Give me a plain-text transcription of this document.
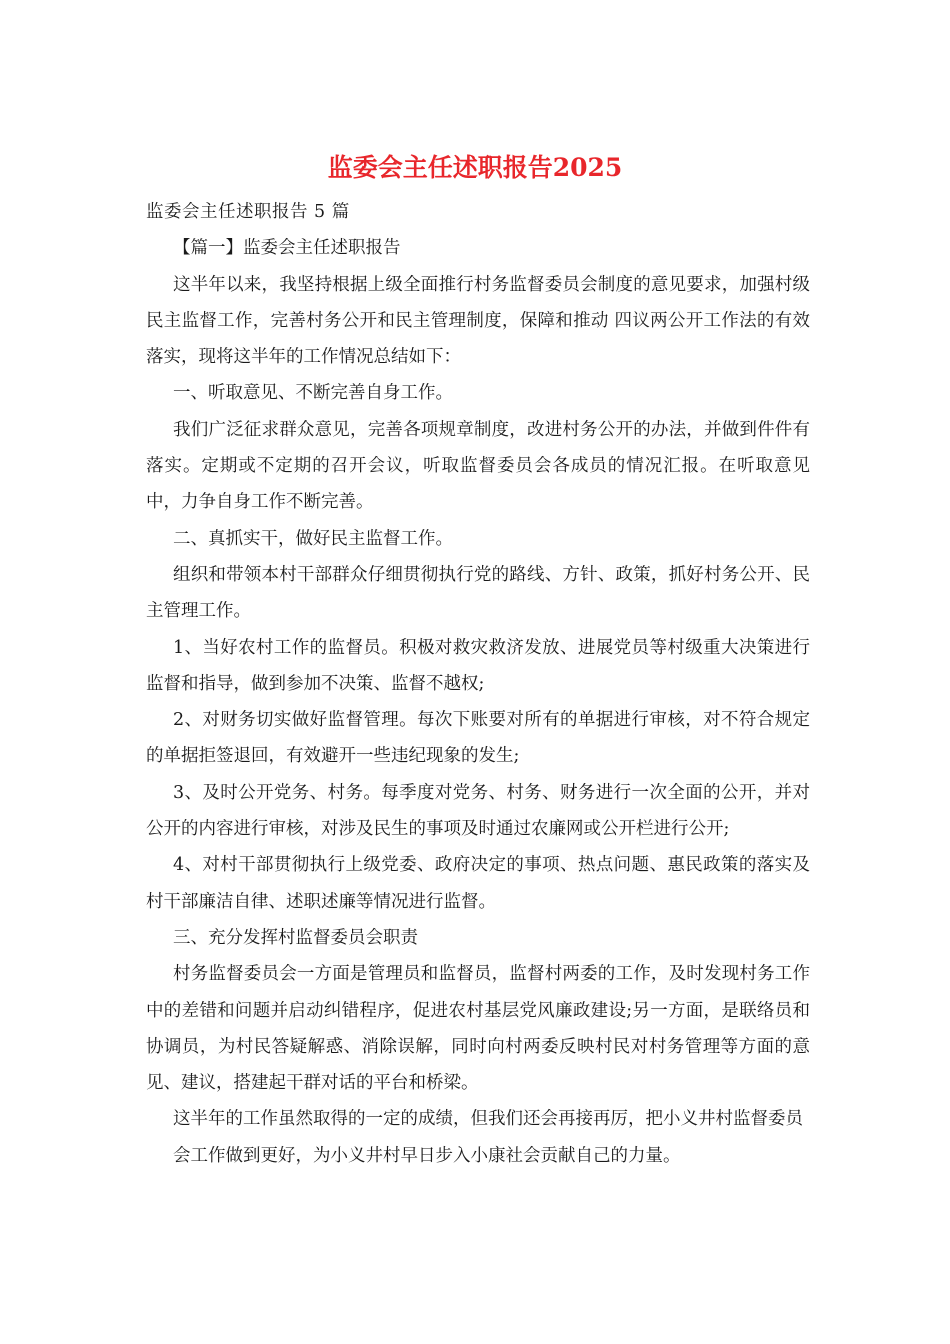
监委会主任述职报告2025

监委会主任述职报告 5 篇

【篇一】监委会主任述职报告

这半年以来，我坚持根据上级全面推行村务监督委员会制度的意见要求，加强村级民主监督工作，完善村务公开和民主管理制度，保障和推动 四议两公开工作法的有效落实，现将这半年的工作情况总结如下：

一、听取意见、不断完善自身工作。

我们广泛征求群众意见，完善各项规章制度，改进村务公开的办法，并做到件件有落实。定期或不定期的召开会议，听取监督委员会各成员的情况汇报。在听取意见中，力争自身工作不断完善。

二、真抓实干，做好民主监督工作。

组织和带领本村干部群众仔细贯彻执行党的路线、方针、政策，抓好村务公开、民主管理工作。

1、当好农村工作的监督员。积极对救灾救济发放、进展党员等村级重大决策进行监督和指导，做到参加不决策、监督不越权;

2、对财务切实做好监督管理。每次下账要对所有的单据进行审核，对不符合规定的单据拒签退回，有效避开一些违纪现象的发生;

3、及时公开党务、村务。每季度对党务、村务、财务进行一次全面的公开，并对公开的内容进行审核，对涉及民生的事项及时通过农廉网或公开栏进行公开;

4、对村干部贯彻执行上级党委、政府决定的事项、热点问题、惠民政策的落实及村干部廉洁自律、述职述廉等情况进行监督。

三、充分发挥村监督委员会职责

村务监督委员会一方面是管理员和监督员，监督村两委的工作，及时发现村务工作中的差错和问题并启动纠错程序，促进农村基层党风廉政建设;另一方面，是联络员和协调员，为村民答疑解惑、消除误解，同时向村两委反映村民对村务管理等方面的意见、建议，搭建起干群对话的平台和桥梁。

这半年的工作虽然取得的一定的成绩，但我们还会再接再厉，把小义井村监督委员会工作做到更好，为小义井村早日步入小康社会贡献自己的力量。
